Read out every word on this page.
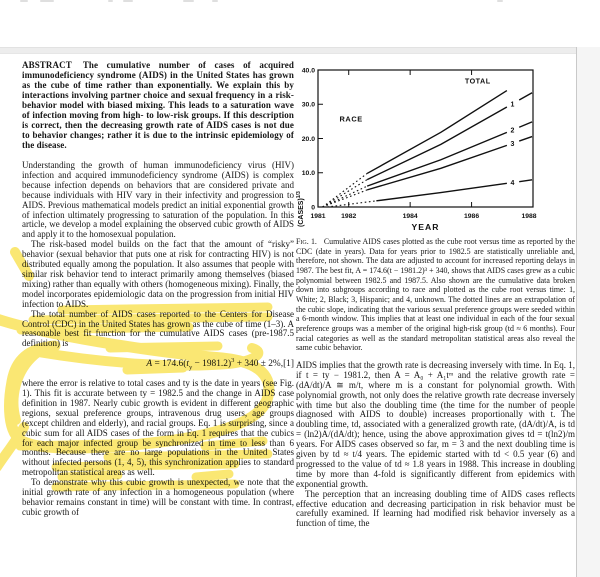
ABSTRACT The cumulative number of cases of acquired immunodeficiency syndrome (AIDS) in the United States has grown as the cube of time rather than exponentially. We explain this by interactions involving partner choice and sexual frequency in a risk-behavior model with biased mixing. This leads to a saturation wave of infection moving from high- to low-risk groups. If this description is correct, then the decreasing growth rate of AIDS cases is not due to behavior changes; rather it is due to the intrinsic epidemiology of the disease.

Understanding the growth of human immunodeficiency virus (HIV) infection and acquired immunodeficiency syndrome (AIDS) is complex because infection depends on behaviors that are considered private and because individuals with HIV vary in their infectivity and progression to AIDS. Previous mathematical models predict an initial exponential growth of infection ultimately progressing to saturation of the population. In this article, we develop a model explaining the observed cubic growth of AIDS and apply it to the homosexual population.

The risk-based model builds on the fact that the amount of “risky” behavior (sexual behavior that puts one at risk for contracting HIV) is not distributed equally among the population. It also assumes that people with similar risk behavior tend to interact primarily among themselves (biased mixing) rather than equally with others (homogeneous mixing). Finally, the model incorporates epidemiologic data on the progression from initial HIV infection to AIDS.

The total number of AIDS cases reported to the Centers for Disease Control (CDC) in the United States has grown as the cube of time (1–3). A reasonable best fit function for the cumulative AIDS cases (pre-1987.5 definition) is

$A = 174.6(t_y - 1981.2)^3 + 340 \pm 2\%$, [1]

where the error is relative to total cases and ty is the date in years (see Fig. 1). This fit is accurate between ty = 1982.5 and the change in AIDS case definition in 1987. Nearly cubic growth is evident in different geographic regions, sexual preference groups, intravenous drug users, age groups (except children and elderly), and racial groups. Eq. 1 is surprising, since a cubic sum for all AIDS cases of the form in Eq. 1 requires that the cubics for each major infected group be synchronized in time to less than 6 months. Because there are no large populations in the United States without infected persons (1, 4, 5), this synchronization applies to standard metropolitan statistical areas as well.

To demonstrate why this cubic growth is unexpected, we note that the initial growth rate of any infection in a homogeneous population (where behavior remains constant in time) will be constant with time. In contrast, cubic growth of

1981 1982	1984	1986	1988
0
10.0
20.0
30.0
40.0
YEAR
(CASES)$^{1/3}$
RACE
TOTAL
1
2
3
4
Fig. 1. Cumulative AIDS cases plotted as the cube root versus time as reported by the CDC (date in years). Data for years prior to 1982.5 are statistically unreliable and, therefore, not shown. The data are adjusted to account for increased reporting delays in 1987. The best fit, A = 174.6(t − 1981.2)³ + 340, shows that AIDS cases grew as a cubic polynomial between 1982.5 and 1987.5. Also shown are the cumulative data broken down into subgroups according to race and plotted as the cube root versus time: 1, White; 2, Black; 3, Hispanic; and 4, unknown. The dotted lines are an extrapolation of the cubic slope, indicating that the various sexual preference groups were seeded within a 6-month window. This implies that at least one individual in each of the four sexual preference groups was a member of the original high-risk group (td ≈ 6 months). Four racial categories as well as the standard metropolitan statistical areas also reveal the same cubic behavior.

AIDS implies that the growth rate is decreasing inversely with time. In Eq. 1, if t = ty − 1981.2, then A = A₀ + A₁tᵐ and the relative growth rate = (dA/dt)/A ≅ m/t, where m is a constant for polynomial growth. With polynomial growth, not only does the relative growth rate decrease inversely with time but also the doubling time (the time for the number of people diagnosed with AIDS to double) increases proportionally with t. The doubling time, td, associated with a generalized growth rate, (dA/dt)/A, is td = (ln2)A/(dA/dt); hence, using the above approximation gives td = t(ln2)/m years. For AIDS cases observed so far, m = 3 and the next doubling time is given by td ≈ t/4 years. The epidemic started with td < 0.5 year (6) and progressed to the value of td ≈ 1.8 years in 1988. This increase in doubling time by more than 4-fold is significantly different from epidemics with exponential growth.

The perception that an increasing doubling time of AIDS cases reflects effective education and decreasing participation in risk behavior must be carefully examined. If learning had modified risk behavior inversely as a function of time, the
